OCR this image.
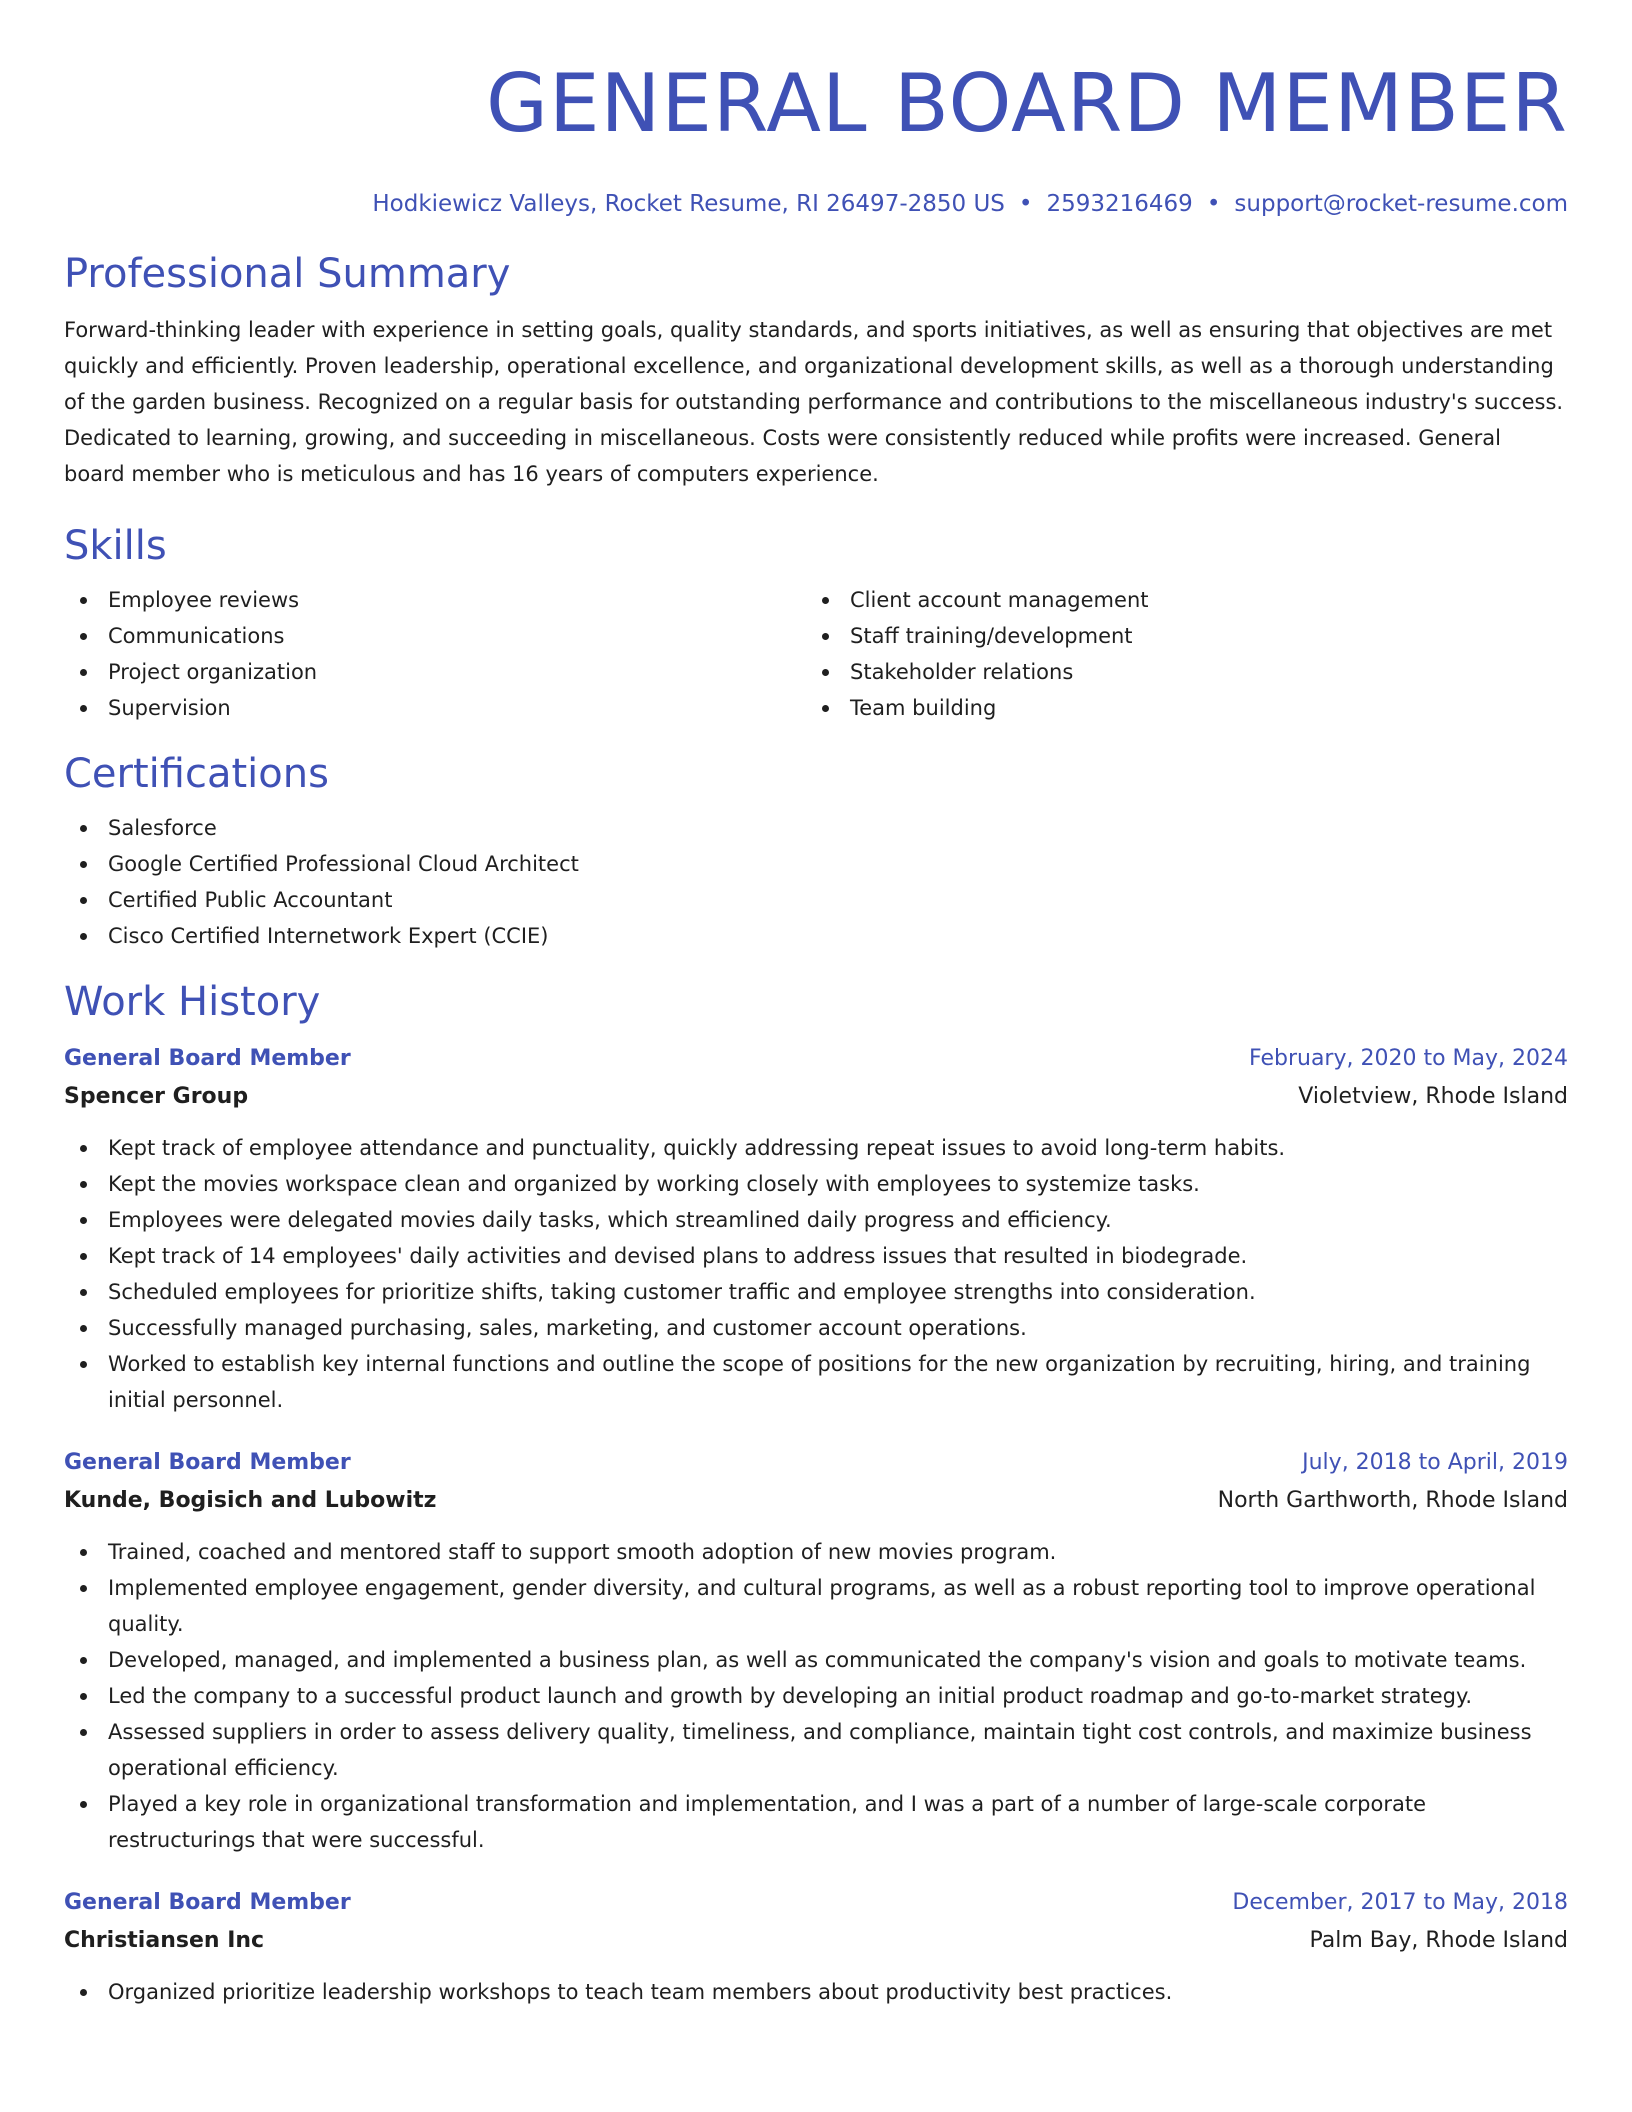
GENERAL BOARD MEMBER
Hodkiewicz Valleys, Rocket Resume, RI 26497-2850 US • 2593216469 • support@rocket-resume.com
Professional Summary
Forward-thinking leader with experience in setting goals, quality standards, and sports initiatives, as well as ensuring that objectives are met quickly and efficiently. Proven leadership, operational excellence, and organizational development skills, as well as a thorough understanding of the garden business. Recognized on a regular basis for outstanding performance and contributions to the miscellaneous industry's success. Dedicated to learning, growing, and succeeding in miscellaneous. Costs were consistently reduced while profits were increased. General board member who is meticulous and has 16 years of computers experience.
Skills
Employee reviews
Communications
Project organization
Supervision
Client account management
Staff training/development
Stakeholder relations
Team building
Certifications
Salesforce
Google Certified Professional Cloud Architect
Certified Public Accountant
Cisco Certified Internetwork Expert (CCIE)
Work History
General Board Member	February, 2020 to May, 2024
Spencer Group	Violetview, Rhode Island
Kept track of employee attendance and punctuality, quickly addressing repeat issues to avoid long-term habits.
Kept the movies workspace clean and organized by working closely with employees to systemize tasks.
Employees were delegated movies daily tasks, which streamlined daily progress and efficiency.
Kept track of 14 employees' daily activities and devised plans to address issues that resulted in biodegrade.
Scheduled employees for prioritize shifts, taking customer traffic and employee strengths into consideration.
Successfully managed purchasing, sales, marketing, and customer account operations.
Worked to establish key internal functions and outline the scope of positions for the new organization by recruiting, hiring, and training initial personnel.
General Board Member	July, 2018 to April, 2019
Kunde, Bogisich and Lubowitz	North Garthworth, Rhode Island
Trained, coached and mentored staff to support smooth adoption of new movies program.
Implemented employee engagement, gender diversity, and cultural programs, as well as a robust reporting tool to improve operational quality.
Developed, managed, and implemented a business plan, as well as communicated the company's vision and goals to motivate teams.
Led the company to a successful product launch and growth by developing an initial product roadmap and go-to-market strategy.
Assessed suppliers in order to assess delivery quality, timeliness, and compliance, maintain tight cost controls, and maximize business operational efficiency.
Played a key role in organizational transformation and implementation, and I was a part of a number of large-scale corporate restructurings that were successful.
General Board Member	December, 2017 to May, 2018
Christiansen Inc	Palm Bay, Rhode Island
Organized prioritize leadership workshops to teach team members about productivity best practices.
